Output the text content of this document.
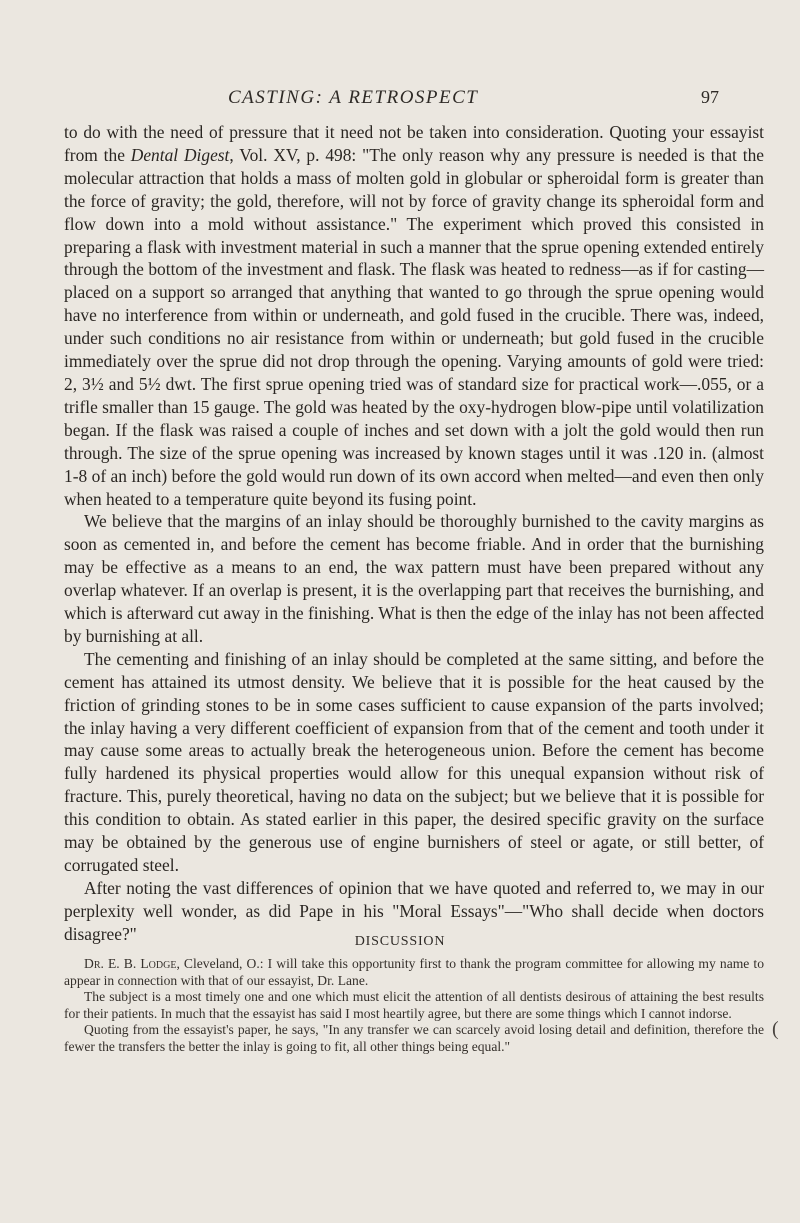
CASTING: A RETROSPECT	97

to do with the need of pressure that it need not be taken into consideration. Quoting your essayist from the Dental Digest, Vol. XV, p. 498: "The only reason why any pressure is needed is that the molecular attraction that holds a mass of molten gold in globular or spheroidal form is greater than the force of gravity; the gold, therefore, will not by force of gravity change its spheroidal form and flow down into a mold without assistance." The experiment which proved this consisted in preparing a flask with investment material in such a manner that the sprue opening extended entirely through the bottom of the investment and flask. The flask was heated to redness—as if for casting—placed on a support so arranged that anything that wanted to go through the sprue opening would have no interference from within or underneath, and gold fused in the crucible. There was, indeed, under such conditions no air resistance from within or underneath; but gold fused in the crucible immediately over the sprue did not drop through the opening. Varying amounts of gold were tried: 2, 3½ and 5½ dwt. The first sprue opening tried was of standard size for practical work—.055, or a trifle smaller than 15 gauge. The gold was heated by the oxy-hydrogen blow-pipe until volatilization began. If the flask was raised a couple of inches and set down with a jolt the gold would then run through. The size of the sprue opening was increased by known stages until it was .120 in. (almost 1-8 of an inch) before the gold would run down of its own accord when melted—and even then only when heated to a temperature quite beyond its fusing point.

We believe that the margins of an inlay should be thoroughly burnished to the cavity margins as soon as cemented in, and before the cement has become friable. And in order that the burnishing may be effective as a means to an end, the wax pattern must have been prepared without any overlap whatever. If an overlap is present, it is the overlapping part that receives the burnishing, and which is afterward cut away in the finishing. What is then the edge of the inlay has not been affected by burnishing at all.

The cementing and finishing of an inlay should be completed at the same sitting, and before the cement has attained its utmost density. We believe that it is possible for the heat caused by the friction of grinding stones to be in some cases sufficient to cause expansion of the parts involved; the inlay having a very different coefficient of expansion from that of the cement and tooth under it may cause some areas to actually break the heterogeneous union. Before the cement has become fully hardened its physical properties would allow for this unequal expansion without risk of fracture. This, purely theoretical, having no data on the subject; but we believe that it is possible for this condition to obtain. As stated earlier in this paper, the desired specific gravity on the surface may be obtained by the generous use of engine burnishers of steel or agate, or still better, of corrugated steel.

After noting the vast differences of opinion that we have quoted and referred to, we may in our perplexity well wonder, as did Pape in his "Moral Essays"—"Who shall decide when doctors disagree?"	DISCUSSION

Dr. E. B. Lodge, Cleveland, O.: I will take this opportunity first to thank the program committee for allowing my name to appear in connection with that of our essayist, Dr. Lane.

The subject is a most timely one and one which must elicit the attention of all dentists desirous of attaining the best results for their patients. In much that the essayist has said I most heartily agree, but there are some things which I cannot indorse.

Quoting from the essayist's paper, he says, "In any transfer we can scarcely avoid losing detail and definition, therefore the fewer the transfers the better the inlay is going to fit, all other things being equal."

(
